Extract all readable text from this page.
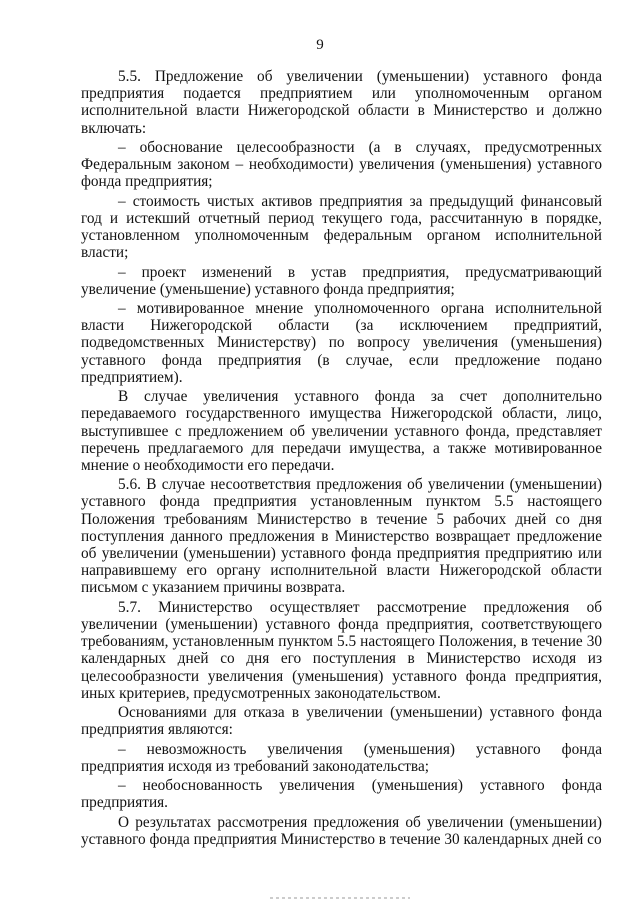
9

5.5. Предложение об увеличении (уменьшении) уставного фонда предприятия подается предприятием или уполномоченным органом исполнительной власти Нижегородской области в Министерство и должно включать:

– обоснование целесообразности (а в случаях, предусмотренных Федеральным законом – необходимости) увеличения (уменьшения) уставного фонда предприятия;

– стоимость чистых активов предприятия за предыдущий финансовый год и истекший отчетный период текущего года, рассчитанную в порядке, установленном уполномоченным федеральным органом исполнительной власти;

– проект изменений в устав предприятия, предусматривающий увеличение (уменьшение) уставного фонда предприятия;

– мотивированное мнение уполномоченного органа исполнительной власти Нижегородской области (за исключением предприятий, подведомственных Министерству) по вопросу увеличения (уменьшения) уставного фонда предприятия (в случае, если предложение подано предприятием).

В случае увеличения уставного фонда за счет дополнительно передаваемого государственного имущества Нижегородской области, лицо, выступившее с предложением об увеличении уставного фонда, представляет перечень предлагаемого для передачи имущества, а также мотивированное мнение о необходимости его передачи.

5.6. В случае несоответствия предложения об увеличении (уменьшении) уставного фонда предприятия установленным пунктом 5.5 настоящего Положения требованиям Министерство в течение 5 рабочих дней со дня поступления данного предложения в Министерство возвращает предложение об увеличении (уменьшении) уставного фонда предприятия предприятию или направившему его органу исполнительной власти Нижегородской области письмом с указанием причины возврата.

5.7. Министерство осуществляет рассмотрение предложения об увеличении (уменьшении) уставного фонда предприятия, соответствующего требованиям, установленным пунктом 5.5 настоящего Положения, в течение 30 календарных дней со дня его поступления в Министерство исходя из целесообразности увеличения (уменьшения) уставного фонда предприятия, иных критериев, предусмотренных законодательством.

Основаниями для отказа в увеличении (уменьшении) уставного фонда предприятия являются:

– невозможность увеличения (уменьшения) уставного фонда предприятия исходя из требований законодательства;

– необоснованность увеличения (уменьшения) уставного фонда предприятия.

О результатах рассмотрения предложения об увеличении (уменьшении) уставного фонда предприятия Министерство в течение 30 календарных дней со
